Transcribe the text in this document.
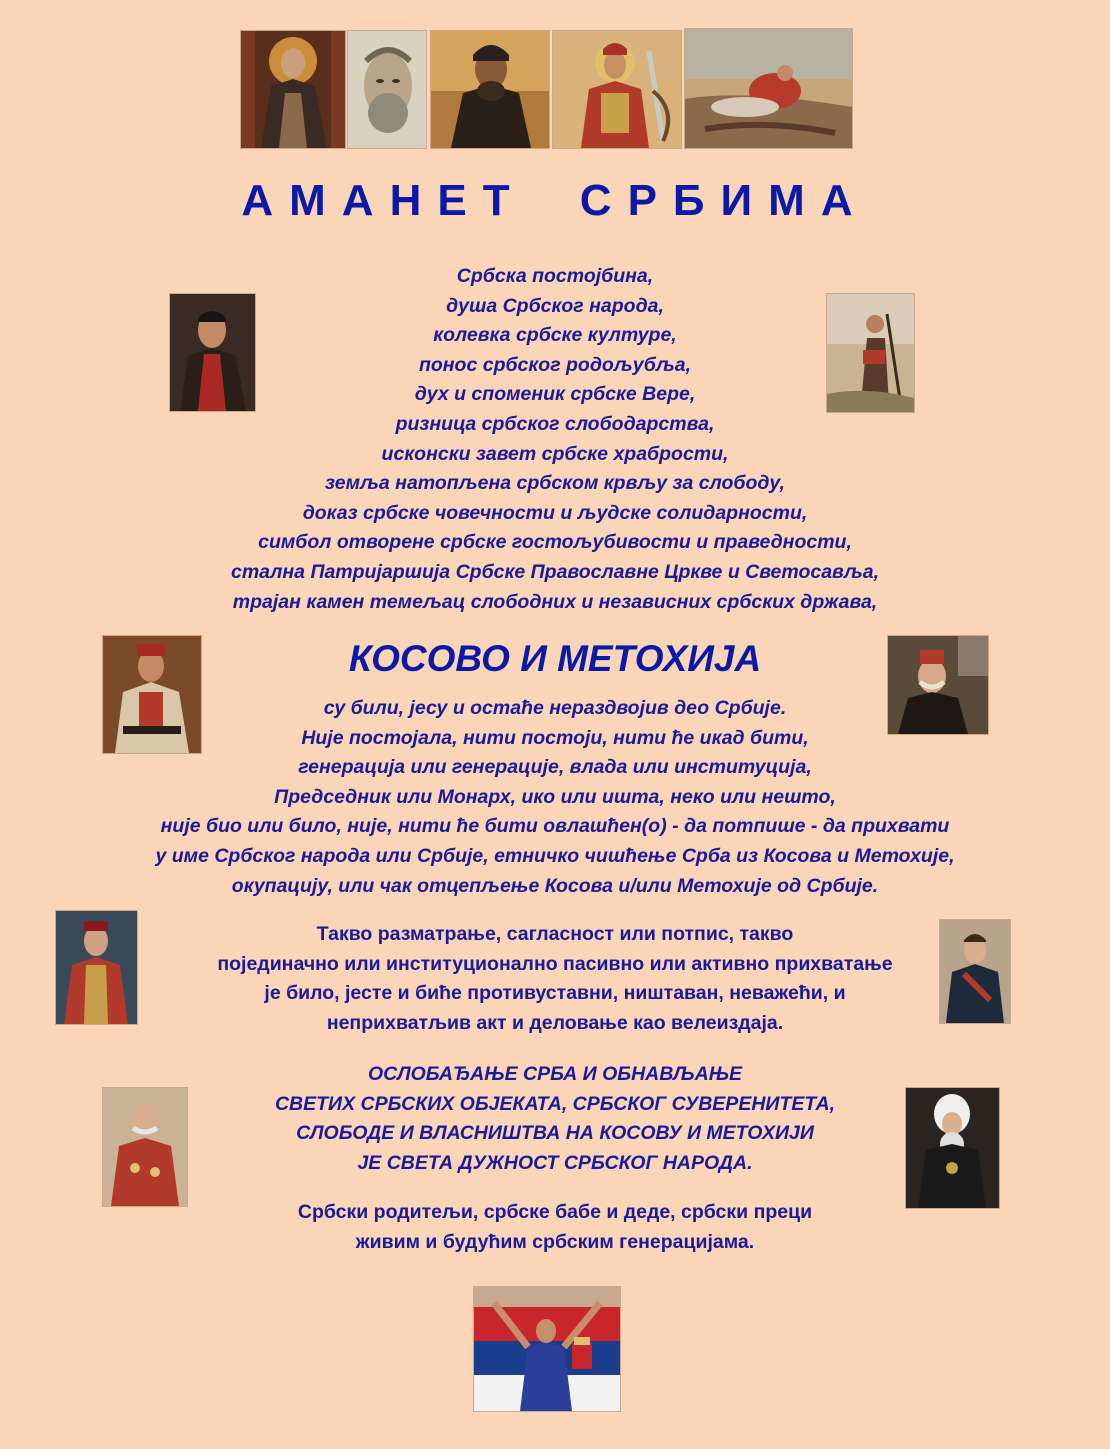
АМАНЕТ СРБИМА
Србска постојбина,
душа Србског народа,
колевка србске културе,
понос србског родољубља,
дух и споменик србске Вере,
ризница србског слободарства,
исконски завет србске храбрости,
земља натопљена србском крвљу за слободу,
доказ србске човечности и људске солидарности,
симбол отворене србске гостољубивости и праведности,
стална Патријаршија Србске Православне Цркве и Светосавља,
трајан камен темељац слободних и независних србских држава,
КОСОВО И МЕТОХИЈА
су били, јесу и остаће нераздвојив део Србије.
Није постојала, нити постоји, нити ће икад бити,
генерација или генерације, влада или институција,
Председник или Монарх, ико или ишта, неко или нешто,
није био или било, није, нити ће бити овлашћен(о) - да потпише - да прихвати
у име Србског народа или Србије, етничко чишћење Срба из Косова и Метохије,
окупацију, или чак отцепљење Косова и/или Метохије од Србије.
Такво разматрање, сагласност или потпис, такво
појединачно или институционално пасивно или активно прихватање
је било, јесте и биће противуставни, ништаван, неважећи, и
неприхватљив акт и деловање као велеиздаја.
ОСЛОБАЂАЊЕ СРБА И ОБНАВЉАЊЕ
СВЕТИХ СРБСКИХ ОБЈЕКАТА, СРБСКОГ СУВЕРЕНИТЕТА,
СЛОБОДЕ И ВЛАСНИШТВА НА КОСОВУ И МЕТОХИЈИ
ЈЕ СВЕТА ДУЖНОСТ СРБСКОГ НАРОДА.
Србски родитељи, србске бабе и деде, србски преци
живим и будућим србским генерацијама.
